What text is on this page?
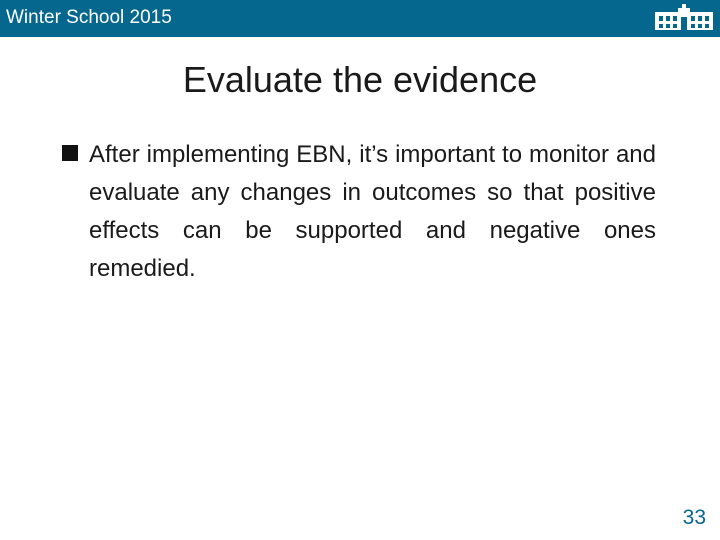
Winter School 2015
Evaluate the evidence

After implementing EBN, it’s important to monitor and evaluate any changes in outcomes so that positive effects can be supported and negative ones remedied.

33
